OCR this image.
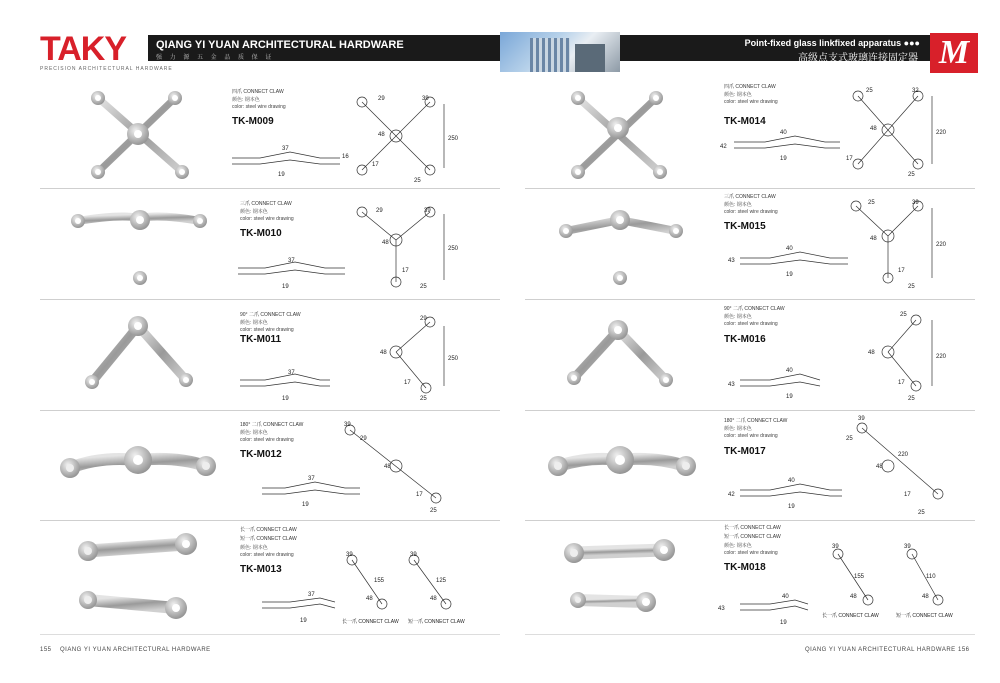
TAKY
PRECISION ARCHITECTURAL HARDWARE
QIANG YI YUAN ARCHITECTURAL HARDWARE
强 力 源 五 金 品 质 保 证
Point-fixed glass linkfixed apparatus ●●●
高级点支式玻璃连接固定器 M
37
19
29	39
48
17
25
250
16
37
19
29	39
48
17
25
250
37
19
29
48
17
25
250
37
19
39
29
48
17
25
37
19
39	39
155	125
48	48
40
19
42
25	32
48
17
25
220
40
19
43
25	39
48
17
25
220
40
19
43
25
48
17
25
220
40
19
42
39
25
48
17
25
220
40
19
43
39	39
155	110
48	48
四爪 CONNECT CLAW
颜色: 钢本色
color: steel wire drawing
TK-M009
三爪 CONNECT CLAW
颜色: 钢本色
color: steel wire drawing
TK-M010
90° 二爪 CONNECT CLAW
颜色: 钢本色
color: steel wire drawing
TK-M011
180° 二爪 CONNECT CLAW
颜色: 钢本色
color: steel wire drawing
TK-M012
长一爪 CONNECT CLAW
短一爪 CONNECT CLAW
颜色: 钢本色
color: steel wire drawing
TK-M013
长一爪 CONNECT CLAW 短一爪 CONNECT CLAW
四爪 CONNECT CLAW
颜色: 钢本色
color: steel wire drawing
TK-M014
三爪 CONNECT CLAW
颜色: 钢本色
color: steel wire drawing
TK-M015
90° 二爪 CONNECT CLAW
颜色: 钢本色
color: steel wire drawing
TK-M016
180° 二爪 CONNECT CLAW
颜色: 钢本色
color: steel wire drawing
TK-M017
长一爪 CONNECT CLAW
短一爪 CONNECT CLAW
颜色: 钢本色
color: steel wire drawing
TK-M018
长一爪 CONNECT CLAW	短一爪 CONNECT CLAW
155 QIANG YI YUAN ARCHITECTURAL HARDWARE	QIANG YI YUAN ARCHITECTURAL HARDWARE 156
